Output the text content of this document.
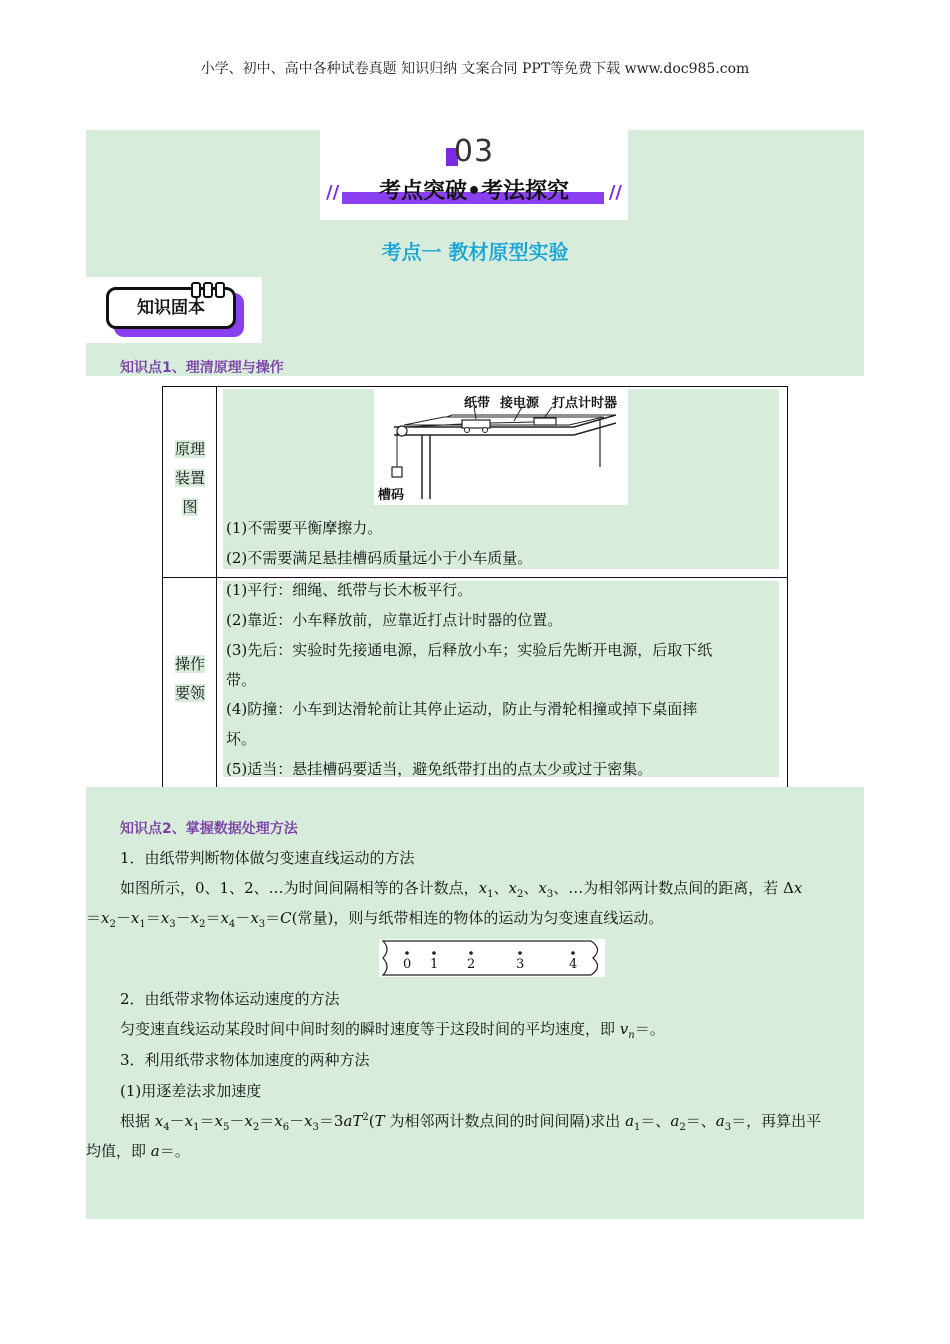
小学、初中、高中各种试卷真题 知识归纳 文案合同 PPT等免费下载 www.doc985.com
03
//	考点突破•考法探究	//
考点一 教材原型实验
知识固本
知识点1、理清原理与操作
原理
装置
图
(1)不需要平衡摩擦力。
(2)不需要满足悬挂槽码质量远小于小车质量。
操作
要领
(1)平行：细绳、纸带与长木板平行。
(2)靠近：小车释放前，应靠近打点计时器的位置。
(3)先后：实验时先接通电源，后释放小车；实验后先断开电源，后取下纸
带。
(4)防撞：小车到达滑轮前让其停止运动，防止与滑轮相撞或掉下桌面摔
坏。
(5)适当：悬挂槽码要适当，避免纸带打出的点太少或过于密集。
纸带 接电源 打点计时器
槽码
知识点2、掌握数据处理方法
1．由纸带判断物体做匀变速直线运动的方法
如图所示，0、1、2、…为时间间隔相等的各计数点，$x_1$、$x_2$、$x_3$、…为相邻两计数点间的距离，若 Δx
$=x_2-x_1=x_3-x_2=x_4-x_3=C$(常量)，则与纸带相连的物体的运动为匀变速直线运动。
0 1 2	3	4
2．由纸带求物体运动速度的方法
匀变速直线运动某段时间中间时刻的瞬时速度等于这段时间的平均速度，即 $v_n=$。
3．利用纸带求物体加速度的两种方法
(1)用逐差法求加速度
根据 $x_4-x_1=x_5-x_2=x_6-x_3=3aT^2(T$ 为相邻两计数点间的时间间隔)求出 $a_1=$、$a_2=$、$a_3=$，再算出平
均值，即 a＝。
